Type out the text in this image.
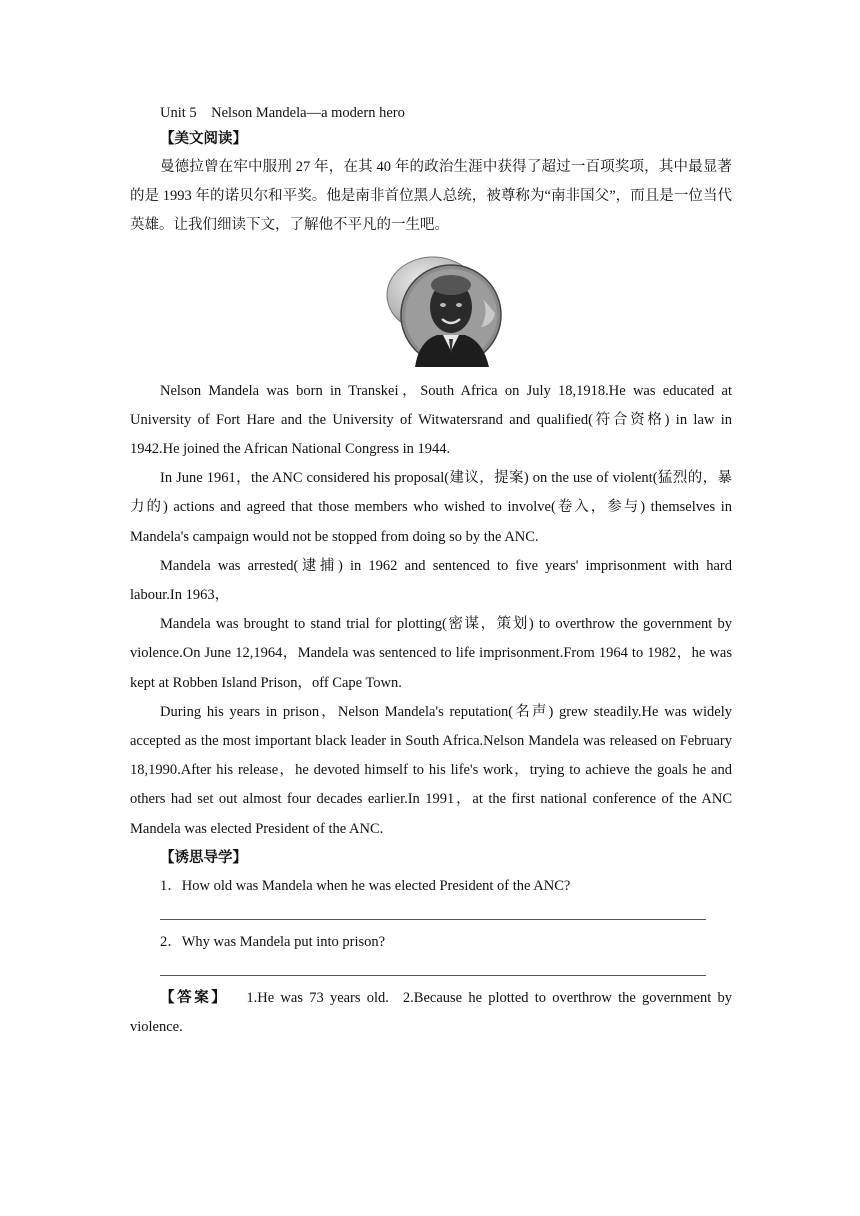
Unit 5　Nelson Mandela—a modern hero
【美文阅读】
曼德拉曾在牢中服刑 27 年，在其 40 年的政治生涯中获得了超过一百项奖项，其中最显著的是 1993 年的诺贝尔和平奖。他是南非首位黑人总统，被尊称为“南非国父”，而且是一位当代英雄。让我们细读下文，了解他不平凡的一生吧。
Nelson Mandela was born in Transkei，South Africa on July 18,1918.He was educated at University of Fort Hare and the University of Witwatersrand and qualified(符合资格) in law in 1942.He joined the African National Congress in 1944.
In June 1961，the ANC considered his proposal(建议，提案) on the use of violent(猛烈的，暴力的) actions and agreed that those members who wished to involve(卷入，参与) themselves in Mandela's campaign would not be stopped from doing so by the ANC.
Mandela was arrested(逮捕) in 1962 and sentenced to five years' imprisonment with hard labour.In 1963，
Mandela was brought to stand trial for plotting(密谋，策划) to overthrow the government by violence.On June 12,1964，Mandela was sentenced to life imprisonment.From 1964 to 1982，he was kept at Robben Island Prison，off Cape Town.
During his years in prison，Nelson Mandela's reputation(名声) grew steadily.He was widely accepted as the most important black leader in South Africa.Nelson Mandela was released on February 18,1990.After his release，he devoted himself to his life's work，trying to achieve the goals he and others had set out almost four decades earlier.In 1991，at the first national conference of the ANC Mandela was elected President of the ANC.
【诱思导学】
1．How old was Mandela when he was elected President of the ANC?
2．Why was Mandela put into prison?
【答案】 1.He was 73 years old. 2.Because he plotted to overthrow the government by violence.
